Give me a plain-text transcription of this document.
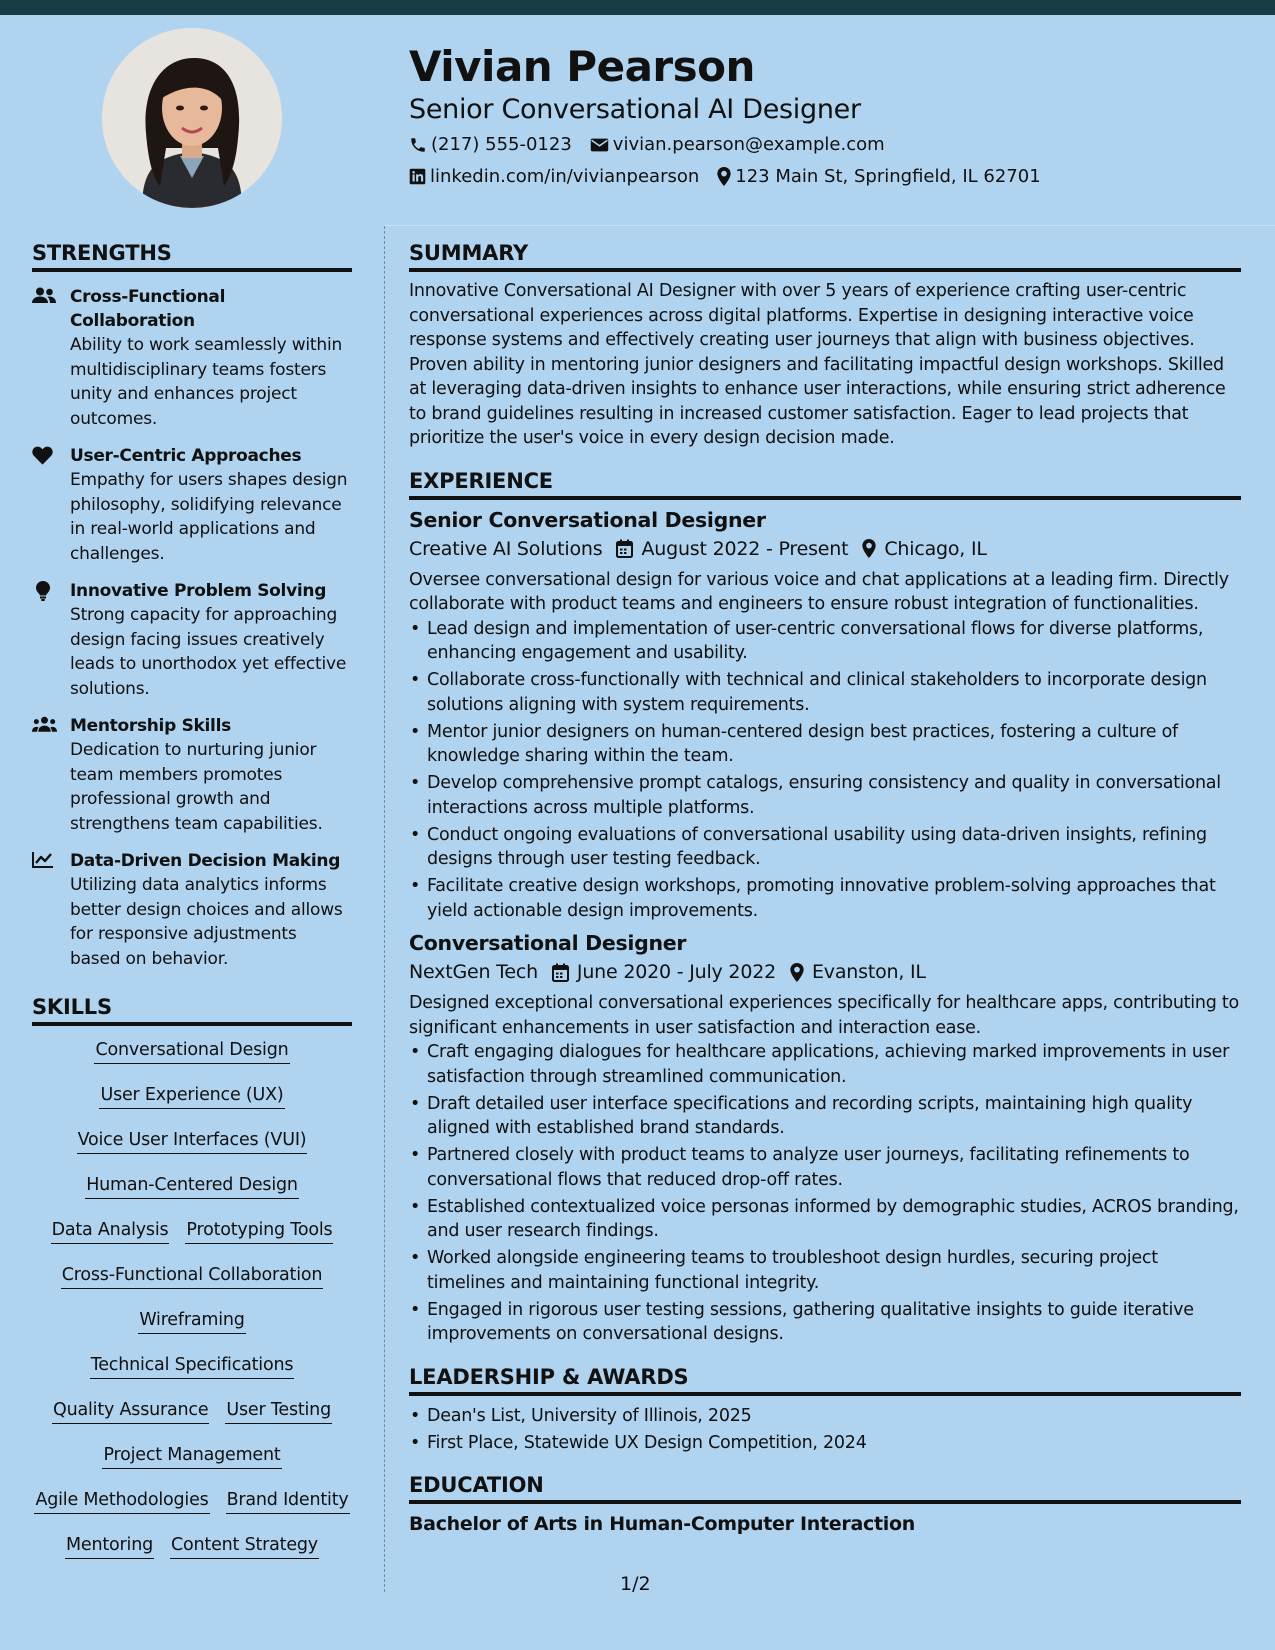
Vivian Pearson
Senior Conversational AI Designer
(217) 555-0123 vivian.pearson@example.com
linkedin.com/in/vivianpearson 123 Main St, Springfield, IL 62701
STRENGTHS
Cross-Functional Collaboration
Ability to work seamlessly within multidisciplinary teams fosters unity and enhances project outcomes.
User-Centric Approaches
Empathy for users shapes design philosophy, solidifying relevance in real-world applications and challenges.
Innovative Problem Solving
Strong capacity for approaching design facing issues creatively leads to unorthodox yet effective solutions.
Mentorship Skills
Dedication to nurturing junior team members promotes professional growth and strengthens team capabilities.
Data-Driven Decision Making
Utilizing data analytics informs better design choices and allows for responsive adjustments based on behavior.
SKILLS
Conversational Design
User Experience (UX)
Voice User Interfaces (VUI)
Human-Centered Design
Data Analysis Prototyping Tools
Cross-Functional Collaboration
Wireframing
Technical Specifications
Quality Assurance User Testing
Project Management
Agile Methodologies Brand Identity
Mentoring Content Strategy
SUMMARY

Innovative Conversational AI Designer with over 5 years of experience crafting user-centric conversational experiences across digital platforms. Expertise in designing interactive voice response systems and effectively creating user journeys that align with business objectives. Proven ability in mentoring junior designers and facilitating impactful design workshops. Skilled at leveraging data-driven insights to enhance user interactions, while ensuring strict adherence to brand guidelines resulting in increased customer satisfaction. Eager to lead projects that prioritize the user's voice in every design decision made.

EXPERIENCE
Senior Conversational Designer
Creative AI Solutions August 2022 - Present Chicago, IL

Oversee conversational design for various voice and chat applications at a leading firm. Directly collaborate with product teams and engineers to ensure robust integration of functionalities.

• Lead design and implementation of user-centric conversational flows for diverse platforms, enhancing engagement and usability.
• Collaborate cross-functionally with technical and clinical stakeholders to incorporate design solutions aligning with system requirements.
• Mentor junior designers on human-centered design best practices, fostering a culture of knowledge sharing within the team.
• Develop comprehensive prompt catalogs, ensuring consistency and quality in conversational interactions across multiple platforms.
• Conduct ongoing evaluations of conversational usability using data-driven insights, refining designs through user testing feedback.
• Facilitate creative design workshops, promoting innovative problem-solving approaches that yield actionable design improvements.
Conversational Designer
NextGen Tech June 2020 - July 2022 Evanston, IL

Designed exceptional conversational experiences specifically for healthcare apps, contributing to significant enhancements in user satisfaction and interaction ease.

• Craft engaging dialogues for healthcare applications, achieving marked improvements in user satisfaction through streamlined communication.
• Draft detailed user interface specifications and recording scripts, maintaining high quality aligned with established brand standards.
• Partnered closely with product teams to analyze user journeys, facilitating refinements to conversational flows that reduced drop-off rates.
• Established contextualized voice personas informed by demographic studies, ACROS branding, and user research findings.
• Worked alongside engineering teams to troubleshoot design hurdles, securing project timelines and maintaining functional integrity.
• Engaged in rigorous user testing sessions, gathering qualitative insights to guide iterative improvements on conversational designs.
LEADERSHIP & AWARDS
• Dean's List, University of Illinois, 2025
• First Place, Statewide UX Design Competition, 2024
EDUCATION
Bachelor of Arts in Human-Computer Interaction
1/2
